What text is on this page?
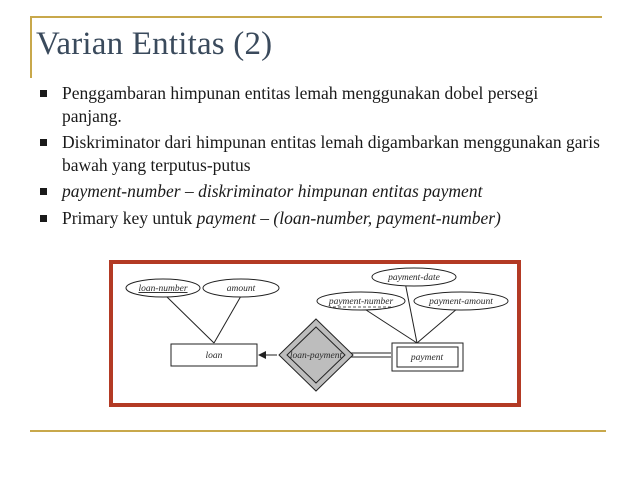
Varian Entitas (2)
Penggambaran himpunan entitas lemah menggunakan dobel persegi panjang.
Diskriminator dari himpunan entitas lemah digambarkan menggunakan garis bawah yang terputus-putus
payment-number – diskriminator himpunan entitas payment
Primary key untuk payment – (loan-number, payment-number)
loan-number	amount
payment-date
payment-number	payment-amount
loan	loan-payment	payment
